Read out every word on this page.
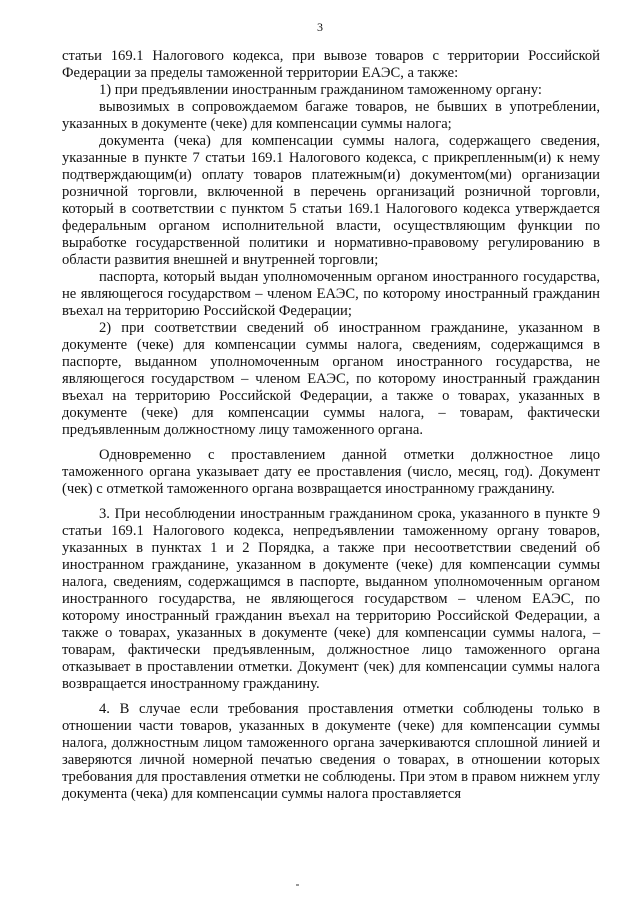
3

статьи 169.1 Налогового кодекса, при вывозе товаров с территории Российской Федерации за пределы таможенной территории ЕАЭС, а также:

1) при предъявлении иностранным гражданином таможенному органу:

вывозимых в сопровождаемом багаже товаров, не бывших в употреблении, указанных в документе (чеке) для компенсации суммы налога;

документа (чека) для компенсации суммы налога, содержащего сведения, указанные в пункте 7 статьи 169.1 Налогового кодекса, с прикрепленным(и) к нему подтверждающим(и) оплату товаров платежным(и) документом(ми) организации розничной торговли, включенной в перечень организаций розничной торговли, который в соответствии с пунктом 5 статьи 169.1 Налогового кодекса утверждается федеральным органом исполнительной власти, осуществляющим функции по выработке государственной политики и нормативно-правовому регулированию в области развития внешней и внутренней торговли;

паспорта, который выдан уполномоченным органом иностранного государства, не являющегося государством – членом ЕАЭС, по которому иностранный гражданин въехал на территорию Российской Федерации;

2) при соответствии сведений об иностранном гражданине, указанном в документе (чеке) для компенсации суммы налога, сведениям, содержащимся в паспорте, выданном уполномоченным органом иностранного государства, не являющегося государством – членом ЕАЭС, по которому иностранный гражданин въехал на территорию Российской Федерации, а также о товарах, указанных в документе (чеке) для компенсации суммы налога, – товарам, фактически предъявленным должностному лицу таможенного органа.

Одновременно с проставлением данной отметки должностное лицо таможенного органа указывает дату ее проставления (число, месяц, год). Документ (чек) с отметкой таможенного органа возвращается иностранному гражданину.

3. При несоблюдении иностранным гражданином срока, указанного в пункте 9 статьи 169.1 Налогового кодекса, непредъявлении таможенному органу товаров, указанных в пунктах 1 и 2 Порядка, а также при несоответствии сведений об иностранном гражданине, указанном в документе (чеке) для компенсации суммы налога, сведениям, содержащимся в паспорте, выданном уполномоченным органом иностранного государства, не являющегося государством – членом ЕАЭС, по которому иностранный гражданин въехал на территорию Российской Федерации, а также о товарах, указанных в документе (чеке) для компенсации суммы налога, – товарам, фактически предъявленным, должностное лицо таможенного органа отказывает в проставлении отметки. Документ (чек) для компенсации суммы налога возвращается иностранному гражданину.

4. В случае если требования проставления отметки соблюдены только в отношении части товаров, указанных в документе (чеке) для компенсации суммы налога, должностным лицом таможенного органа зачеркиваются сплошной линией и заверяются личной номерной печатью сведения о товарах, в отношении которых требования для проставления отметки не соблюдены. При этом в правом нижнем углу документа (чека) для компенсации суммы налога проставляется
